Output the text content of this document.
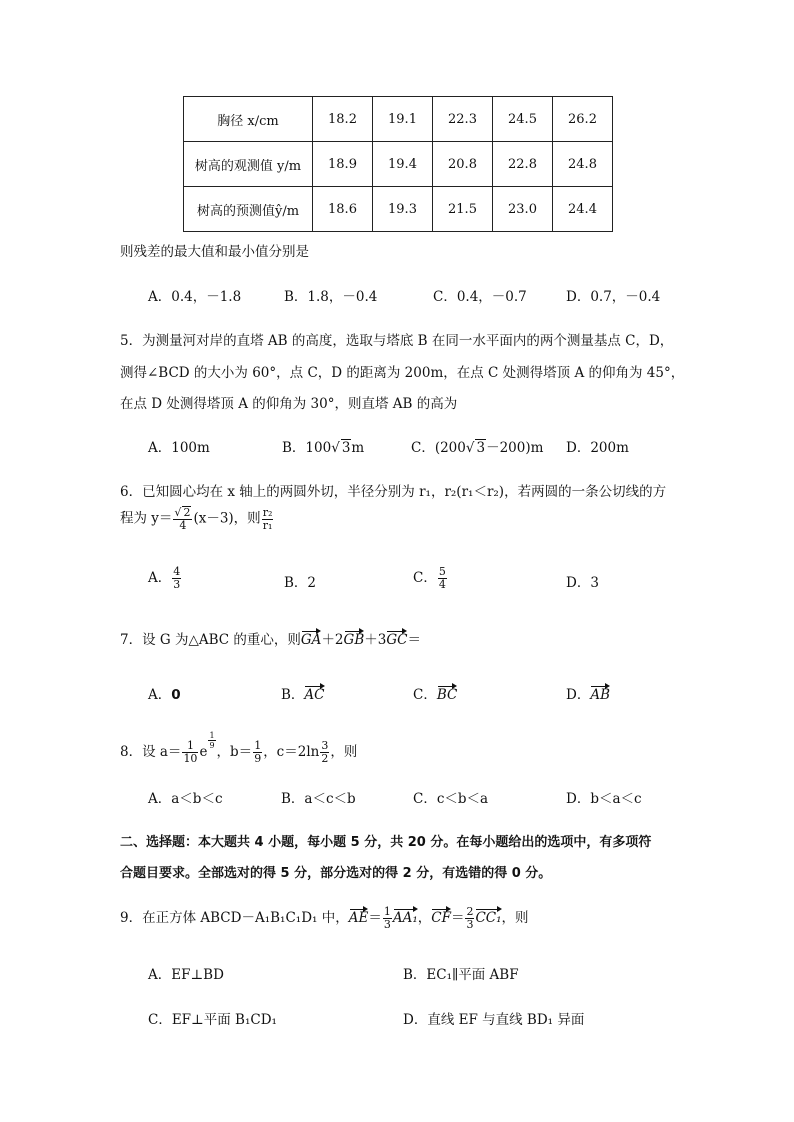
胸径 x/cm	18.2	19.1	22.3	24.5	26.2
树高的观测值 y/m	18.9	19.4	20.8	22.8	24.8
树高的预测值ŷ/m	18.6	19.3	21.5	23.0	24.4
则残差的最大值和最小值分别是
A．0.4，－1.8	B．1.8，－0.4	C．0.4，－0.7	D．0.7，－0.4
5．为测量河对岸的直塔 AB 的高度，选取与塔底 B 在同一水平面内的两个测量基点 C，D，
测得∠BCD 的大小为 60°，点 C，D 的距离为 200m，在点 C 处测得塔顶 A 的仰角为 45°，
在点 D 处测得塔顶 A 的仰角为 30°，则直塔 AB 的高为
A．100m	B．100√ 3m	C．(200√ 3－200)m D．200m
6．已知圆心均在 x 轴上的两圆外切，半径分别为 r₁，r₂(r₁＜r₂)，若两圆的一条公切线的方
程为 $y= \frac{√ 2}{4} (x-3)$，则 $\frac{\text{r₂}}{\text{r₁}}$
A． $\frac{4}{3}$	B．2	C． $\frac{5}{4}$	D．3
7．设 G 为△ABC 的重心，则GA＋2GB＋3GC＝
A．0	B．AC	C．BC	D．AB
8．设 $a= \frac{1}{10}$ e
$\frac{1}{9}$
，$b= \frac{1}{9}$ ，$c=2\ln \frac{3}{2}$ ，则
A．a＜b＜c	B．a＜c＜b	C．c＜b＜a	D．b＜a＜c
二、选择题：本大题共 4 小题，每小题 5 分，共 20 分。在每小题给出的选项中，有多项符
合题目要求。全部选对的得 5 分，部分选对的得 2 分，有选错的得 0 分。
9．在正方体 ABCD－A₁B₁C₁D₁ 中，$AE= \frac{1}{3} AA_1$，$CF= \frac{2}{3} CC_1$，则
A．EF⊥BD	B．EC₁∥平面 ABF
C．EF⊥平面 B₁CD₁	D．直线 EF 与直线 BD₁ 异面
